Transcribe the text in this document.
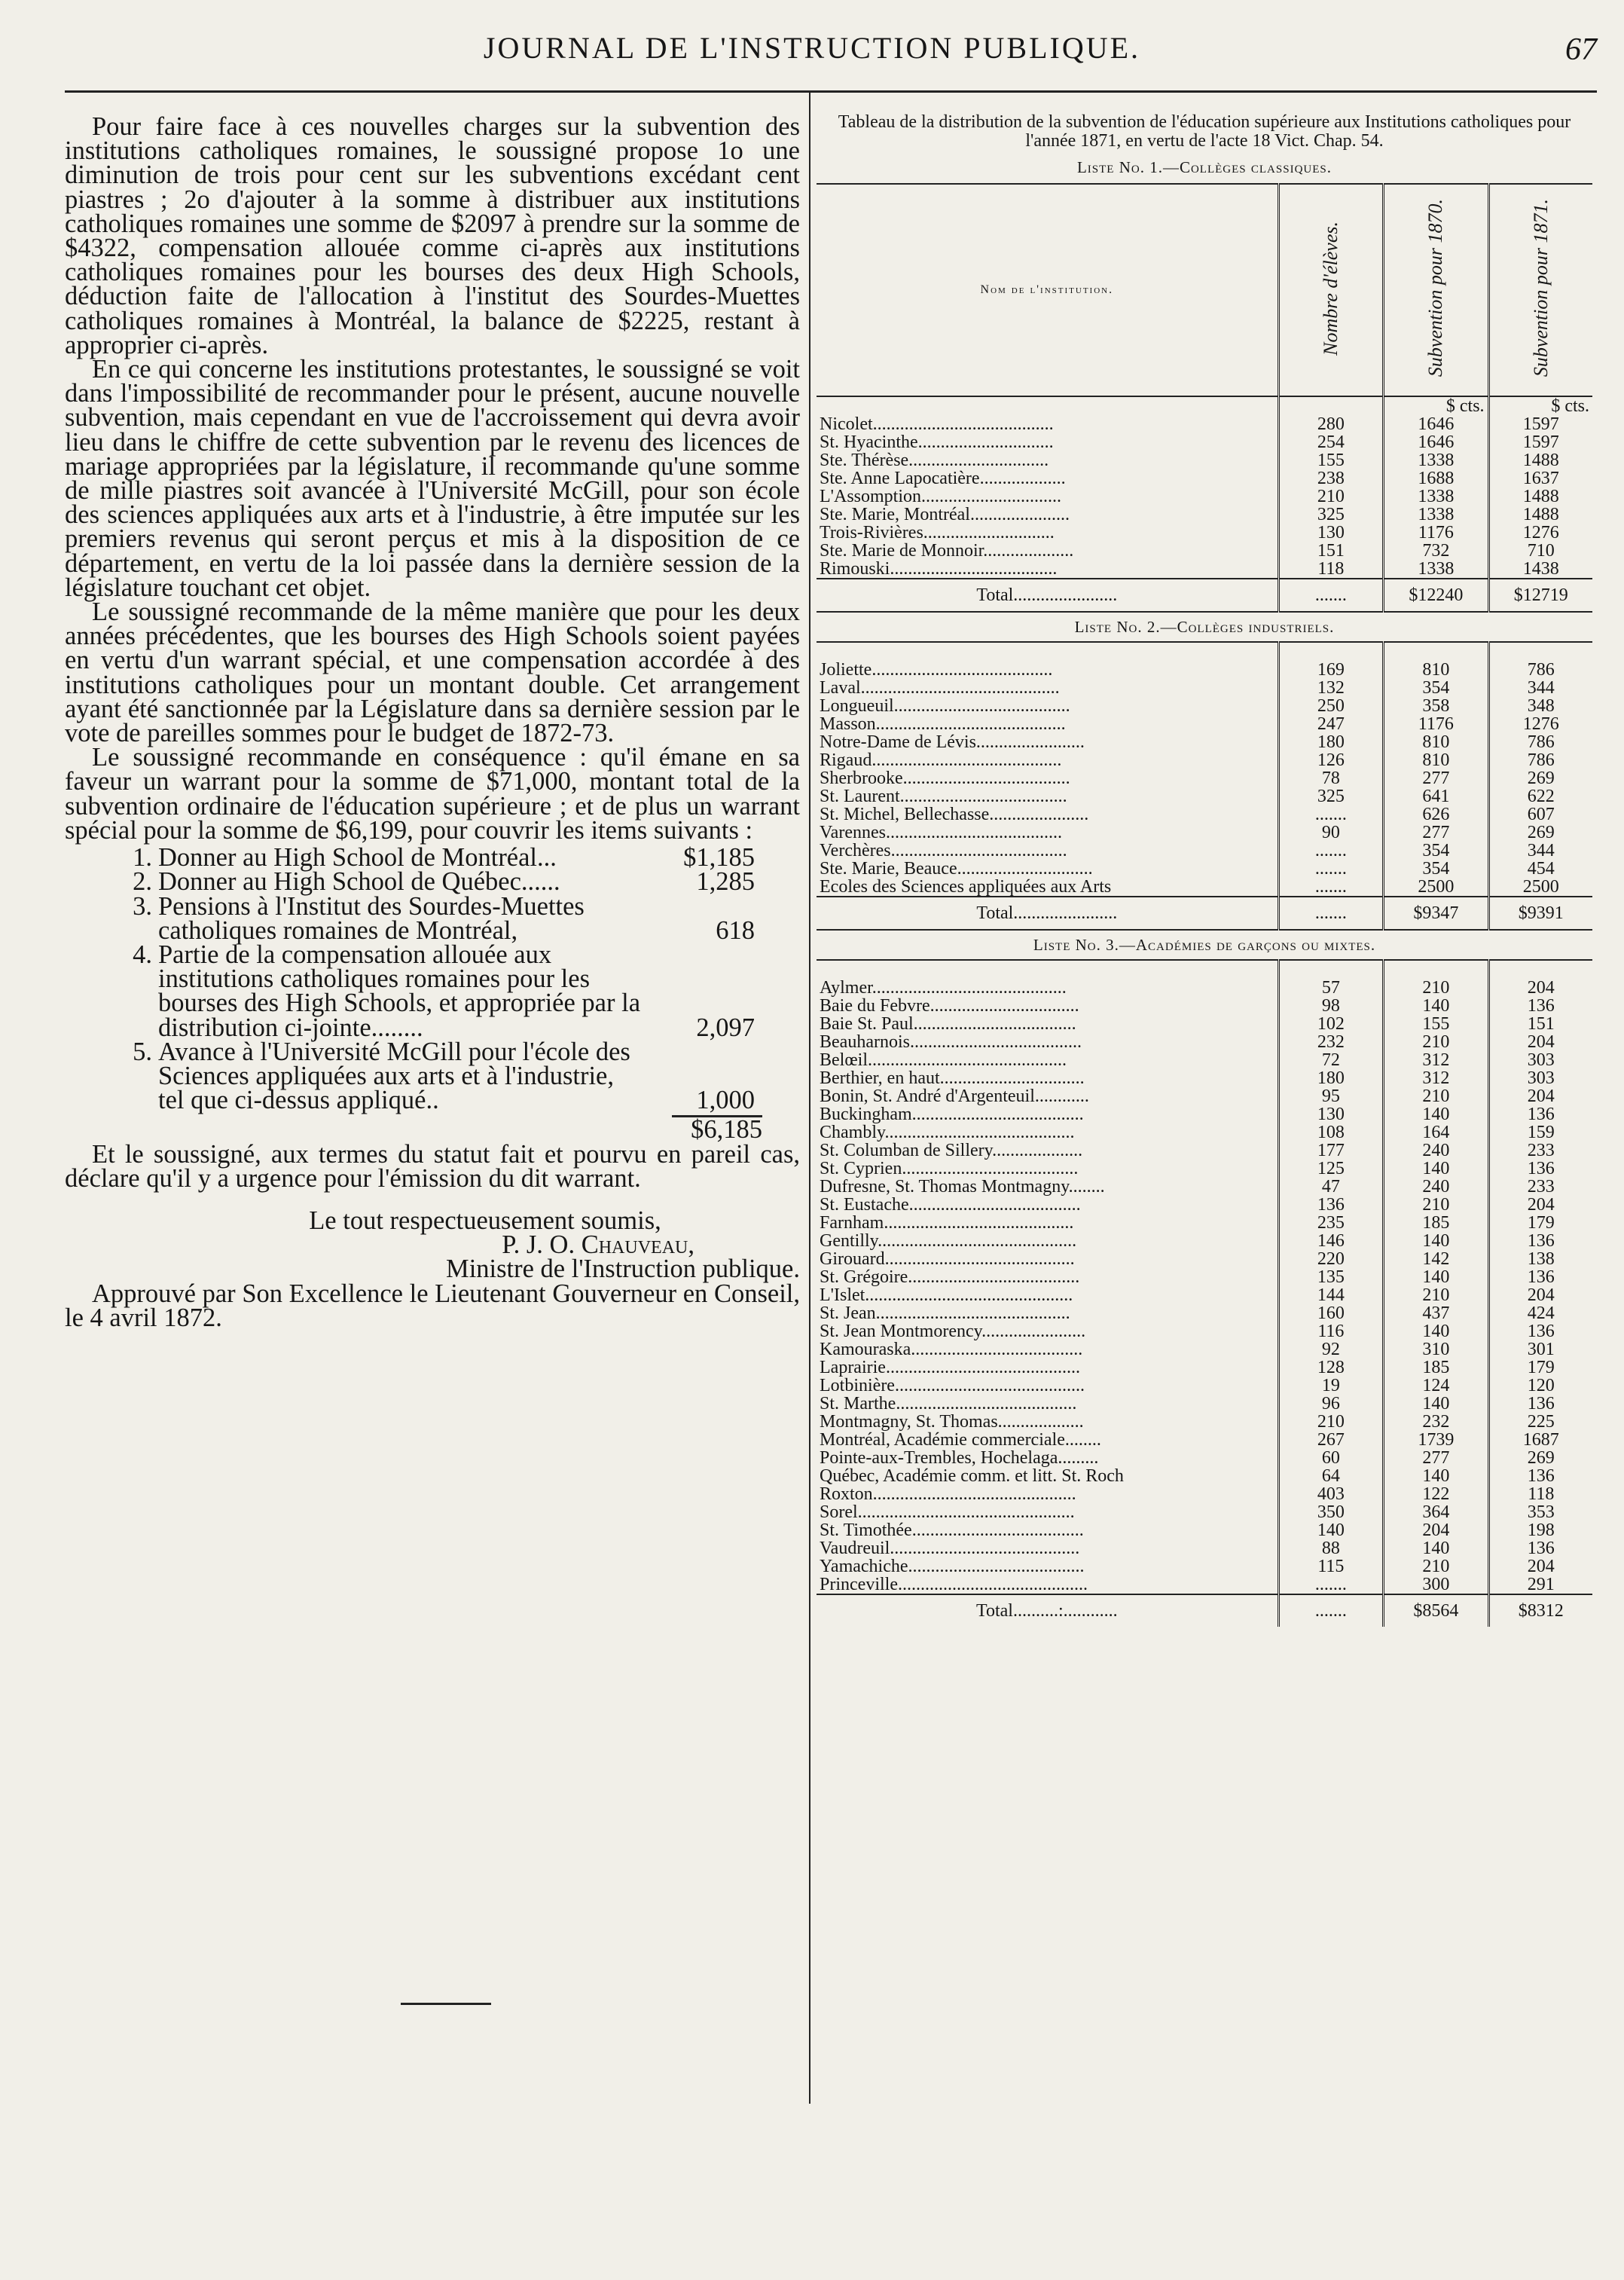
JOURNAL DE L'INSTRUCTION PUBLIQUE.	67

Pour faire face à ces nouvelles charges sur la subvention des institutions catholiques romaines, le soussigné propose 1o une diminution de trois pour cent sur les subventions excédant cent piastres ; 2o d'ajouter à la somme à distribuer aux institutions catholiques romaines une somme de $2097 à prendre sur la somme de $4322, compensation allouée comme ci-après aux institutions catholiques romaines pour les bourses des deux High Schools, déduction faite de l'allocation à l'institut des Sourdes-Muettes catholiques romaines à Montréal, la balance de $2225, restant à approprier ci-après.

En ce qui concerne les institutions protestantes, le soussigné se voit dans l'impossibilité de recommander pour le présent, aucune nouvelle subvention, mais cependant en vue de l'accroissement qui devra avoir lieu dans le chiffre de cette subvention par le revenu des licences de mariage appropriées par la législature, il recommande qu'une somme de mille piastres soit avancée à l'Université McGill, pour son école des sciences appliquées aux arts et à l'industrie, à être imputée sur les premiers revenus qui seront perçus et mis à la disposition de ce département, en vertu de la loi passée dans la dernière session de la législature touchant cet objet.

Le soussigné recommande de la même manière que pour les deux années précédentes, que les bourses des High Schools soient payées en vertu d'un warrant spécial, et une compensation accordée à des institutions catholiques pour un montant double. Cet arrangement ayant été sanctionnée par la Législature dans sa dernière session par le vote de pareilles sommes pour le budget de 1872-73.

Le soussigné recommande en conséquence : qu'il émane en sa faveur un warrant pour la somme de $71,000, montant total de la subvention ordinaire de l'éducation supérieure ; et de plus un warrant spécial pour la somme de $6,199, pour couvrir les items suivants :

1. Donner au High School de Montréal...	$1,185
2. Donner au High School de Québec......	1,285
3. Pensions à l'Institut des Sourdes-Muettes catholiques romaines de Montréal,	618
4. Partie de la compensation allouée aux institutions catholiques romaines pour les bourses des High Schools, et appropriée par la distribution ci-jointe........	2,097
5. Avance à l'Université McGill pour l'école des Sciences appliquées aux arts et à l'industrie, tel que ci-dessus appliqué..	1,000
$6,185

Et le soussigné, aux termes du statut fait et pourvu en pareil cas, déclare qu'il y a urgence pour l'émission du dit warrant.

Le tout respectueusement soumis,
P. J. O. Chauveau,
Ministre de l'Instruction publique.

Approuvé par Son Excellence le Lieutenant Gouverneur en Conseil, le 4 avril 1872.

Tableau de la distribution de la subvention de l'éducation supérieure aux Institutions catholiques pour l'année 1871, en vertu de l'acte 18 Vict. Chap. 54.
Liste No. 1.—Collèges classiques.
Nom de l'institution.	Nombre d'élèves.	Subvention pour 1870.	Subvention pour 1871.
		$ cts.	$ cts.
Nicolet........................................	280	1646	1597
St. Hyacinthe..............................	254	1646	1597
Ste. Thérèse...............................	155	1338	1488
Ste. Anne Lapocatière...................	238	1688	1637
L'Assomption...............................	210	1338	1488
Ste. Marie, Montréal......................	325	1338	1488
Trois-Rivières.............................	130	1176	1276
Ste. Marie de Monnoir....................	151	732	710
Rimouski.....................................	118	1338	1438
Total.......................	.......	$12240	$12719
Liste No. 2.—Collèges industriels.			

Joliette........................................	169	810	786
Laval............................................	132	354	344
Longueuil.......................................	250	358	348
Masson..........................................	247	1176	1276
Notre-Dame de Lévis........................	180	810	786
Rigaud..........................................	126	810	786
Sherbrooke.....................................	78	277	269
St. Laurent.....................................	325	641	622
St. Michel, Bellechasse......................	.......	626	607
Varennes.......................................	90	277	269
Verchères.......................................	.......	354	344
Ste. Marie, Beauce..............................	.......	354	454
Ecoles des Sciences appliquées aux Arts	.......	2500	2500
Total.......................	.......	$9347	$9391
Liste No. 3.—Académies de garçons ou mixtes.			

Aylmer...........................................	57	210	204
Baie du Febvre.................................	98	140	136
Baie St. Paul....................................	102	155	151
Beauharnois......................................	232	210	204
Belœil............................................	72	312	303
Berthier, en haut................................	180	312	303
Bonin, St. André d'Argenteuil............	95	210	204
Buckingham......................................	130	140	136
Chambly..........................................	108	164	159
St. Columban de Sillery....................	177	240	233
St. Cyprien.......................................	125	140	136
Dufresne, St. Thomas Montmagny........	47	240	233
St. Eustache......................................	136	210	204
Farnham..........................................	235	185	179
Gentilly............................................	146	140	136
Girouard..........................................	220	142	138
St. Grégoire......................................	135	140	136
L'Islet..............................................	144	210	204
St. Jean...........................................	160	437	424
St. Jean Montmorency.......................	116	140	136
Kamouraska......................................	92	310	301
Laprairie...........................................	128	185	179
Lotbinière..........................................	19	124	120
St. Marthe........................................	96	140	136
Montmagny, St. Thomas...................	210	232	225
Montréal, Académie commerciale........	267	1739	1687
Pointe-aux-Trembles, Hochelaga.........	60	277	269
Québec, Académie comm. et litt. St. Roch	64	140	136
Roxton.............................................	403	122	118
Sorel................................................	350	364	353
St. Timothée......................................	140	204	198
Vaudreuil..........................................	88	140	136
Yamachiche.......................................	115	210	204
Princeville..........................................	.......	300	291
Total..........:............	.......	$8564	$8312
